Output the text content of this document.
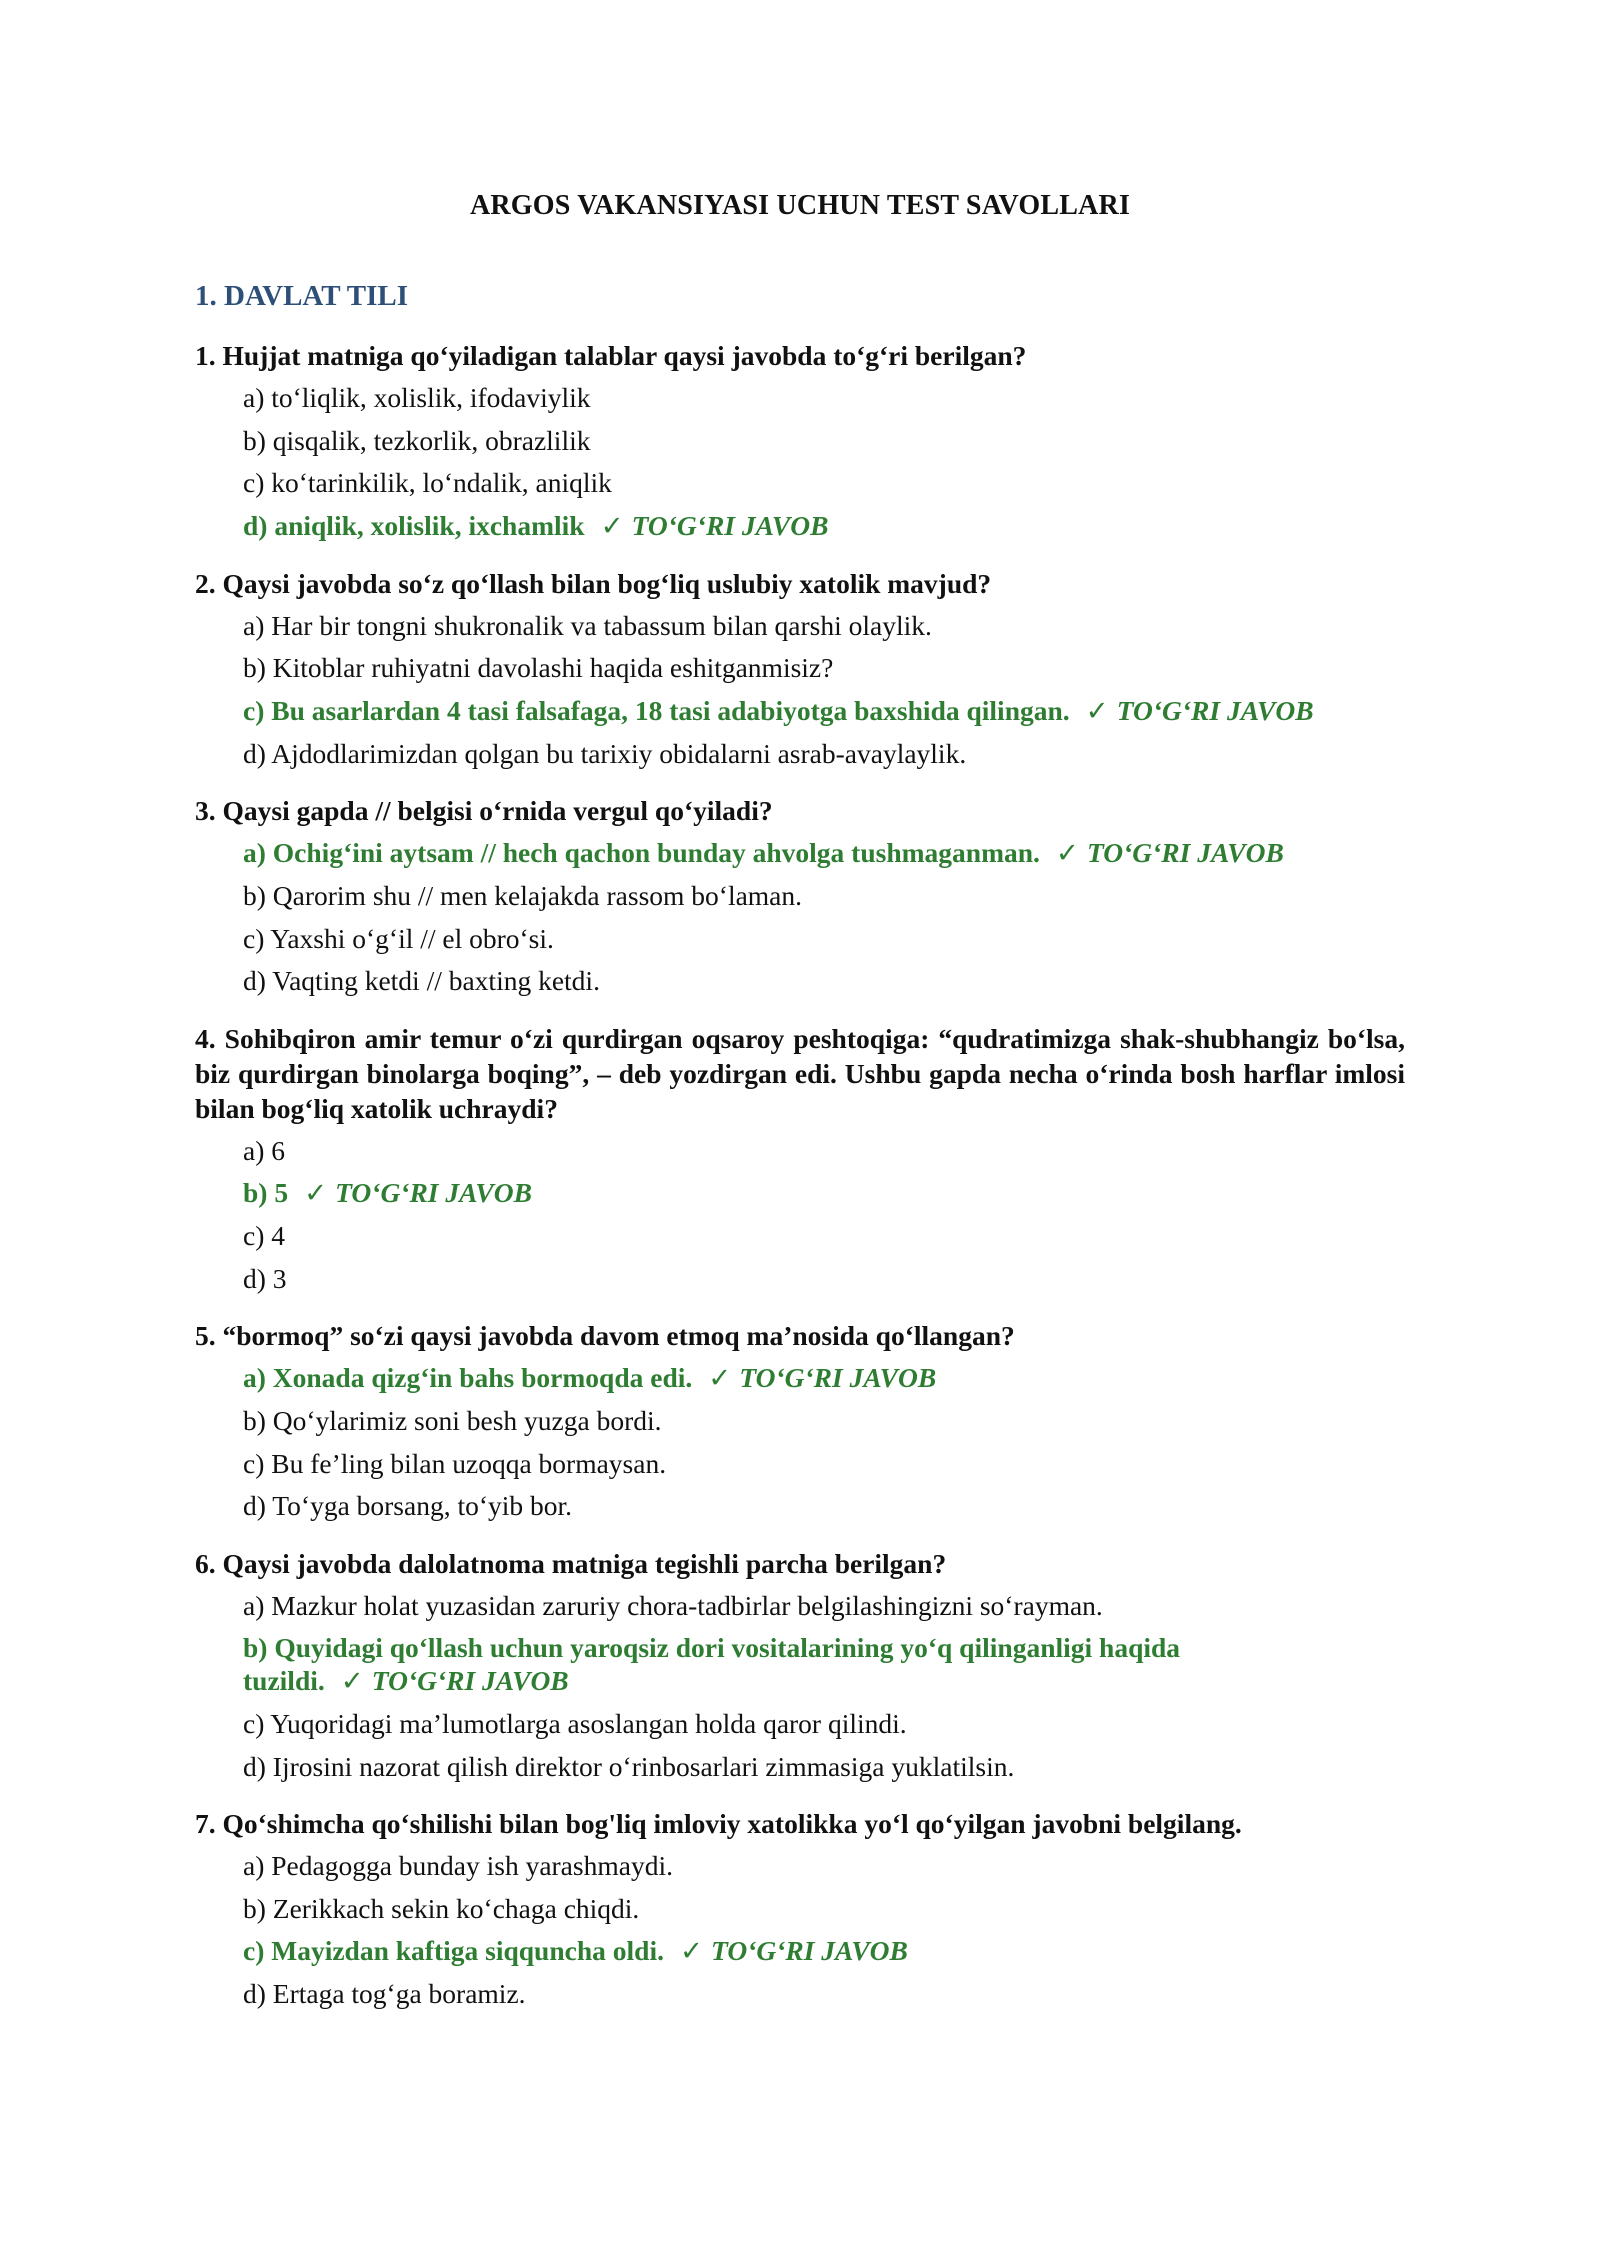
ARGOS VAKANSIYASI UCHUN TEST SAVOLLARI
1. DAVLAT TILI

1. Hujjat matniga qo‘yiladigan talablar qaysi javobda to‘g‘ri berilgan?

a) to‘liqlik, xolislik, ifodaviylik
b) qisqalik, tezkorlik, obrazlilik
c) ko‘tarinkilik, lo‘ndalik, aniqlik
d) aniqlik, xolislik, ixchamlik ✓ TO‘G‘RI JAVOB

2. Qaysi javobda so‘z qo‘llash bilan bog‘liq uslubiy xatolik mavjud?

a) Har bir tongni shukronalik va tabassum bilan qarshi olaylik.
b) Kitoblar ruhiyatni davolashi haqida eshitganmisiz?
c) Bu asarlardan 4 tasi falsafaga, 18 tasi adabiyotga baxshida qilingan. ✓ TO‘G‘RI JAVOB
d) Ajdodlarimizdan qolgan bu tarixiy obidalarni asrab-avaylaylik.

3. Qaysi gapda // belgisi o‘rnida vergul qo‘yiladi?

a) Ochig‘ini aytsam // hech qachon bunday ahvolga tushmaganman. ✓ TO‘G‘RI JAVOB
b) Qarorim shu // men kelajakda rassom bo‘laman.
c) Yaxshi o‘g‘il // el obro‘si.
d) Vaqting ketdi // baxting ketdi.

4. Sohibqiron amir temur o‘zi qurdirgan oqsaroy peshtoqiga: “qudratimizga shak-shubhangiz bo‘lsa, biz qurdirgan binolarga boqing”, – deb yozdirgan edi. Ushbu gapda necha o‘rinda bosh harflar imlosi bilan bog‘liq xatolik uchraydi?

a) 6
b) 5 ✓ TO‘G‘RI JAVOB
c) 4
d) 3

5. “bormoq” so‘zi qaysi javobda davom etmoq ma’nosida qo‘llangan?

a) Xonada qizg‘in bahs bormoqda edi. ✓ TO‘G‘RI JAVOB
b) Qo‘ylarimiz soni besh yuzga bordi.
c) Bu fe’ling bilan uzoqqa bormaysan.
d) To‘yga borsang, to‘yib bor.

6. Qaysi javobda dalolatnoma matniga tegishli parcha berilgan?

a) Mazkur holat yuzasidan zaruriy chora-tadbirlar belgilashingizni so‘rayman.
b) Quyidagi qo‘llash uchun yaroqsiz dori vositalarining yo‘q qilinganligi haqida tuzildi. ✓ TO‘G‘RI JAVOB
c) Yuqoridagi ma’lumotlarga asoslangan holda qaror qilindi.
d) Ijrosini nazorat qilish direktor o‘rinbosarlari zimmasiga yuklatilsin.

7. Qo‘shimcha qo‘shilishi bilan bog'liq imloviy xatolikka yo‘l qo‘yilgan javobni belgilang.

a) Pedagogga bunday ish yarashmaydi.
b) Zerikkach sekin ko‘chaga chiqdi.
c) Mayizdan kaftiga siqquncha oldi. ✓ TO‘G‘RI JAVOB
d) Ertaga tog‘ga boramiz.
